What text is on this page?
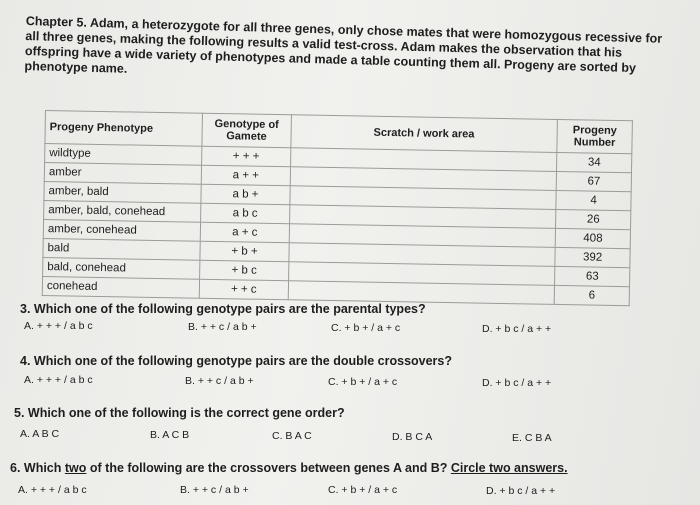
Chapter 5. Adam, a heterozygote for all three genes, only chose mates that were homozygous recessive for all three genes, making the following results a valid test-cross. Adam makes the observation that his offspring have a wide variety of phenotypes and made a table counting them all. Progeny are sorted by phenotype name.
Progeny Phenotype	Genotype of Gamete	Scratch / work area	Progeny Number
wildtype	+ + +		34
amber	a + +		67
amber, bald	a b +		4
amber, bald, conehead	a b c		26
amber, conehead	a + c		408
bald	+ b +		392
bald, conehead	+ b c		63
conehead	+ + c		6
3. Which one of the following genotype pairs are the parental types?
A. + + + / a b c	B. + + c / a b +	C. + b + / a + c	D. + b c / a + +
4. Which one of the following genotype pairs are the double crossovers?
A. + + + / a b c	B. + + c / a b +	C. + b + / a + c	D. + b c / a + +
5. Which one of the following is the correct gene order?
A. A B C	B. A C B	C. B A C	D. B C A	E. C B A
6. Which two of the following are the crossovers between genes A and B? Circle two answers.
A. + + + / a b c	B. + + c / a b +	C. + b + / a + c	D. + b c / a + +
